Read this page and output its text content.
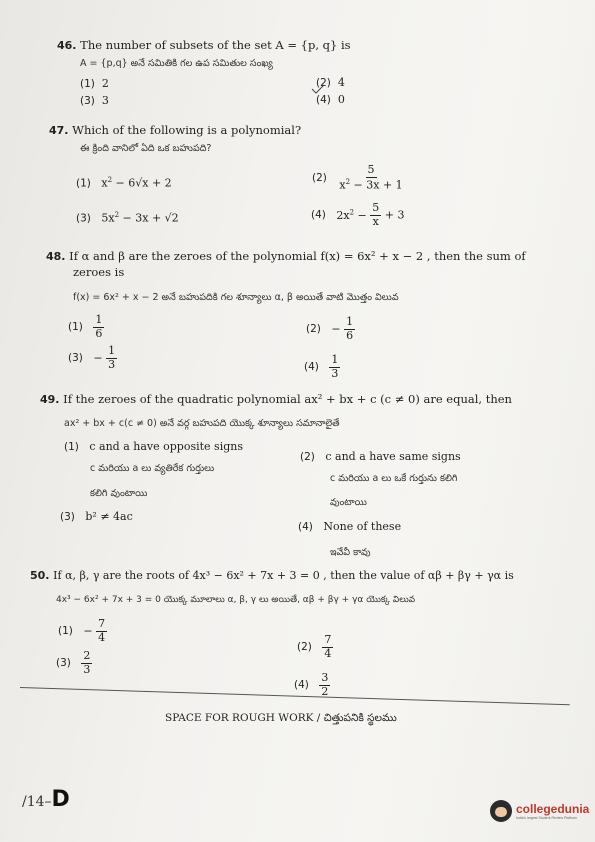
46. The number of subsets of the set A = {p, q} is
A = {p,q} అనే సమితికి గల ఉప సమితుల సంఖ్య
(1) 2	(2) 4
(3) 3	(4) 0
47. Which of the following is a polynomial?
ఈ క్రింది వానిలో ఏది ఒక బహుపది?
(1)   $x^2 - 6√x + 2$	$(2) \frac{5}{x^2 - 3x + 1}$
(3)   $5x^2 - 3x + √2$	(4) $2x^2 - \frac{5}{x} + 3$
48. If α and β are the zeroes of the polynomial f(x) = 6x² + x − 2 , then the sum of
zeroes is
f(x) = 6x² + x − 2 అనే బహుపదికి గల శూన్యాలు α, β అయితే వాటి మొత్తం విలువ
$(1) \frac{1}{6}$	$(2) - \frac{1}{6}$
$(3) - \frac{1}{3}$	$(4) \frac{1}{3}$
49. If the zeroes of the quadratic polynomial ax² + bx + c (c ≠ 0) are equal, then
ax² + bx + c(c ≠ 0) అనే వర్గ బహుపది యొక్క శూన్యాలు సమానాలైతే
(1) c and a have opposite signs
c మరియు a లు వ్యతిరేక గుర్తులు
కలిగి వుంటాయి
(2) c and a have same signs
c మరియు a లు ఒకే గుర్తును కలిగి
వుంటాయి
(3) b² ≠ 4ac
(4) None of these
ఇవేవీ కావు
50. If α, β, γ are the roots of 4x³ − 6x² + 7x + 3 = 0 , then the value of αβ + βγ + γα is
4x³ − 6x² + 7x + 3 = 0 యొక్క మూలాలు α, β, γ లు అయితే, αβ + βγ + γα యొక్క విలువ
$(1) - \frac{7}{4}$
$(2) \frac{7}{4}$
$(3) \frac{2}{3}$
$(4) \frac{3}{2}$
SPACE FOR ROUGH WORK / చిత్తుపనికి స్థలము
/14–D	collegedunia
India's largest Student Review Platform
